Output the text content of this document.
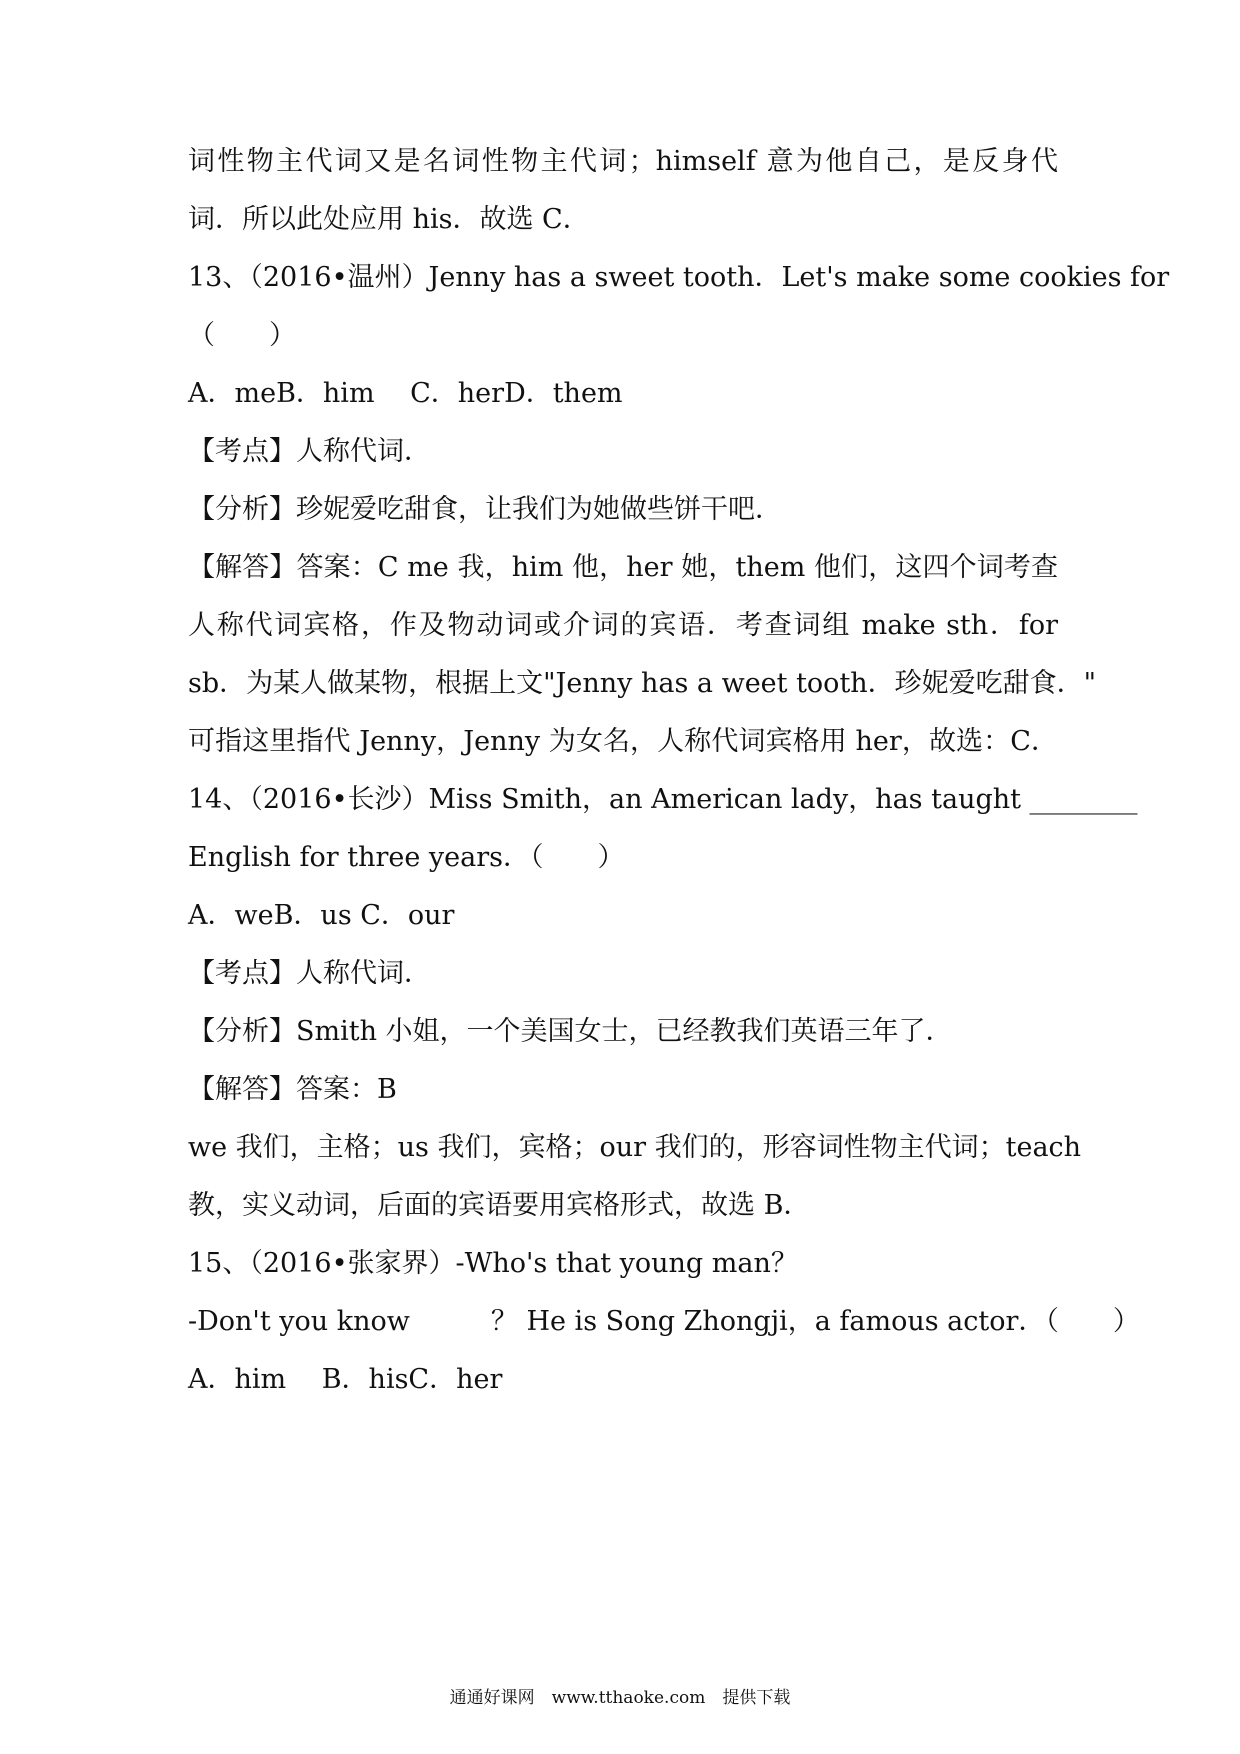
词性物主代词又是名词性物主代词；himself 意为他自己，是反身代
词．所以此处应用 his．故选 C．
13、（2016•温州）Jenny has a sweet tooth．Let's make some cookies for
（　　）
A．meB．him　 C．herD．them
【考点】人称代词．
【分析】珍妮爱吃甜食，让我们为她做些饼干吧．
【解答】答案：C me 我，him 他，her 她，them 他们，这四个词考查
人称代词宾格，作及物动词或介词的宾语．考查词组 make sth．for
sb．为某人做某物，根据上文"Jenny has a weet tooth．珍妮爱吃甜食．"
可指这里指代 Jenny，Jenny 为女名，人称代词宾格用 her，故选：C．
14、（2016•长沙）Miss Smith，an American lady，has taught ________
English for three years．（　　）
A．weB．us C．our
【考点】人称代词．
【分析】Smith 小姐，一个美国女士，已经教我们英语三年了．
【解答】答案：B
we 我们，主格；us 我们，宾格；our 我们的，形容词性物主代词；teach
教，实义动词，后面的宾语要用宾格形式，故选 B．
15、（2016•张家界）-Who's that young man？
-Don't you know　　　？ He is Song Zhongji，a famous actor．（　　）
A．him　 B．hisC．her
通通好课网　www.tthaoke.com　提供下载
